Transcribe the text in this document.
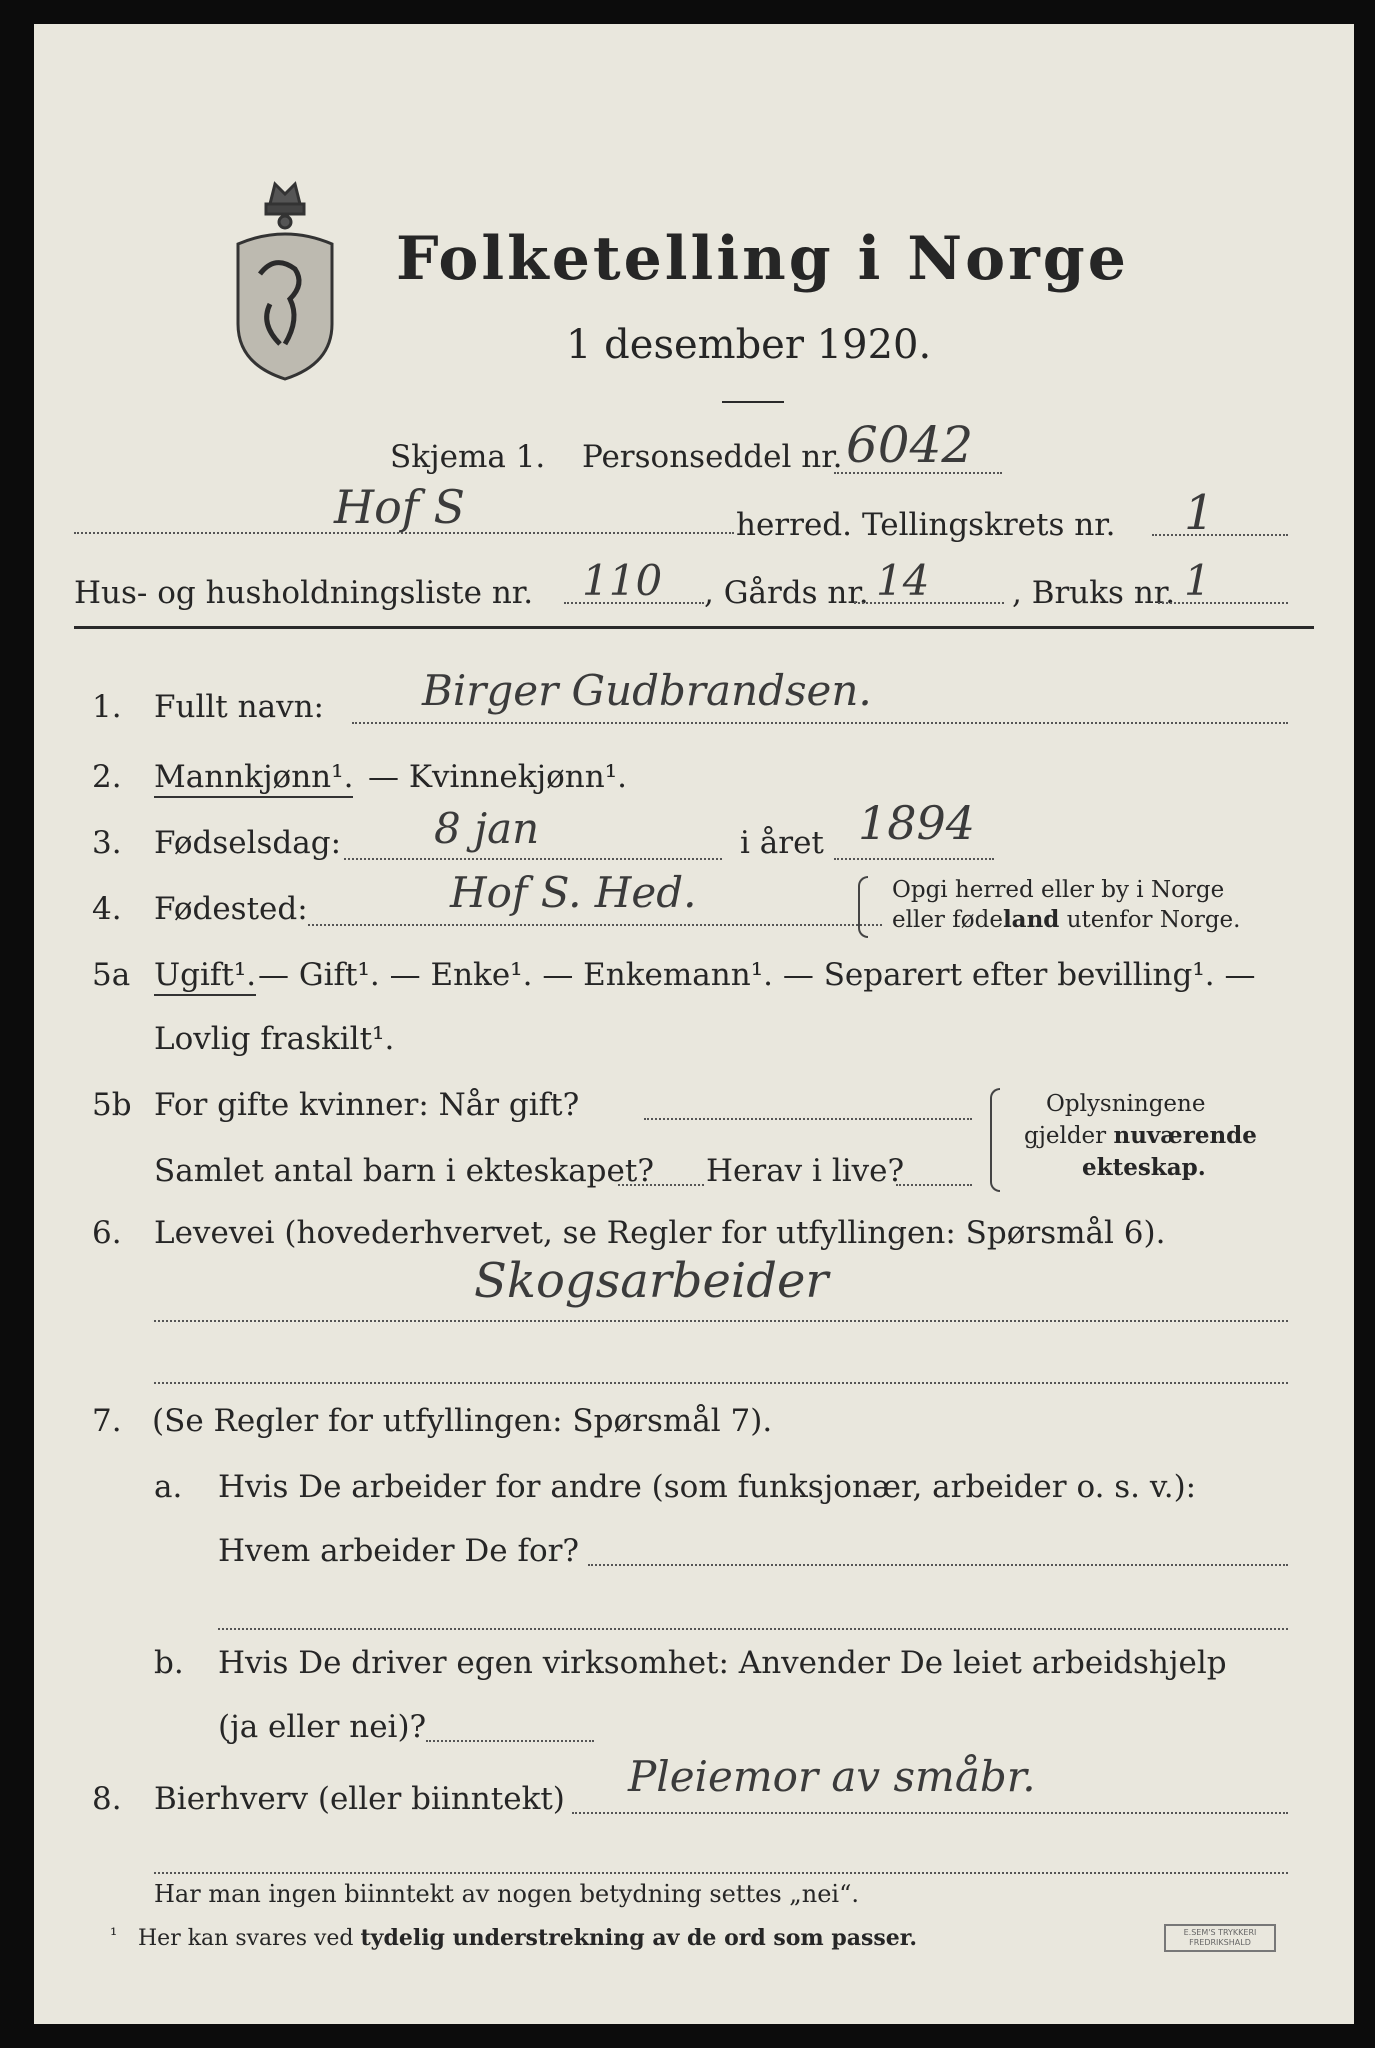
Folketelling i Norge
1 desember 1920.
Skjema 1. Personseddel nr. 6042
Hof S	herred. Tellingskrets nr. 1
Hus- og husholdningsliste nr. 110 , Gårds nr. 14	, Bruks nr. 1
1. Fullt navn: Birger Gudbrandsen.
2. Mannkjønn¹. — Kvinnekjønn¹.
3. Fødselsdag: 8 jan	i året 1894
4. Fødested:	Hof S. Hed.	Opgi herred eller by i Norge
eller fødeland utenfor Norge.
5a Ugift¹. — Gift¹. — Enke¹. — Enkemann¹. — Separert efter bevilling¹. —
Lovlig fraskilt¹.
5b For gifte kvinner: Når gift?
Samlet antal barn i ekteskapet? Herav i live?
Oplysningene
gjelder nuværende
ekteskap.
6. Levevei (hovederhvervet, se Regler for utfyllingen: Spørsmål 6).
Skogsarbeider
7. (Se Regler for utfyllingen: Spørsmål 7).
a. Hvis De arbeider for andre (som funksjonær, arbeider o. s. v.):
Hvem arbeider De for?
b. Hvis De driver egen virksomhet: Anvender De leiet arbeidshjelp
(ja eller nei)?
8. Bierhverv (eller biinntekt) Pleiemor av småbr.
Har man ingen biinntekt av nogen betydning settes „nei“.
¹ Her kan svares ved tydelig understrekning av de ord som passer.	E.SEM'S TRYKKERI
FREDRIKSHALD
